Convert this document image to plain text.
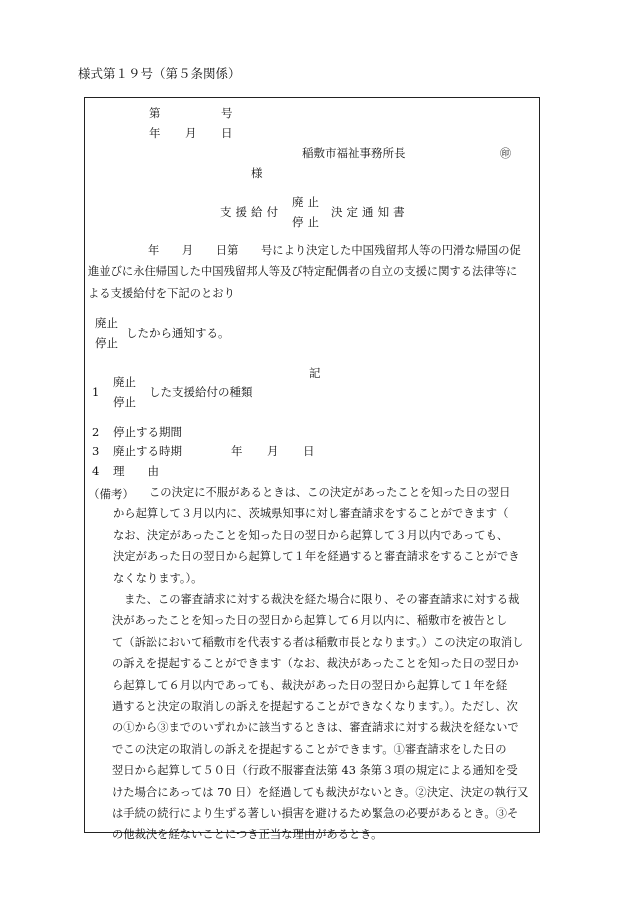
様式第１９号（第５条関係）
第	号
年 月 日
稲敷市福祉事務所長	㊞
様
支援給付
廃止
停止
決定通知書
年　　月　　日第　　号により決定した中国残留邦人等の円滑な帰国の促
進並びに永住帰国した中国残留邦人等及び特定配偶者の自立の支援に関する法律等に
よる支援給付を下記のとおり
廃止
停止
したから通知する。
記
1
廃止
停止
した支援給付の種類
2 停止する期間
3 廃止する時期	年 月 日
4 理　　由
（備考）	この決定に不服があるときは、この決定があったことを知った日の翌日
から起算して３月以内に、茨城県知事に対し審査請求をすることができます（
なお、決定があったことを知った日の翌日から起算して３月以内であっても、
決定があった日の翌日から起算して１年を経過すると審査請求をすることができ
なくなります。）。
また、この審査請求に対する裁決を経た場合に限り、その審査請求に対する裁
決があったことを知った日の翌日から起算して６月以内に、稲敷市を被告とし
て（訴訟において稲敷市を代表する者は稲敷市長となります。）この決定の取消し
の訴えを提起することができます（なお、裁決があったことを知った日の翌日か
ら起算して６月以内であっても、裁決があった日の翌日から起算して１年を経
過すると決定の取消しの訴えを提起することができなくなります。）。ただし、次
の①から③までのいずれかに該当するときは、審査請求に対する裁決を経ないで
でこの決定の取消しの訴えを提起することができます。①審査請求をした日の
翌日から起算して５０日（行政不服審査法第 43 条第３項の規定による通知を受
けた場合にあっては 70 日）を経過しても裁決がないとき。②決定、決定の執行又
は手続の続行により生ずる著しい損害を避けるため緊急の必要があるとき。③そ
の他裁決を経ないことにつき正当な理由があるとき。
